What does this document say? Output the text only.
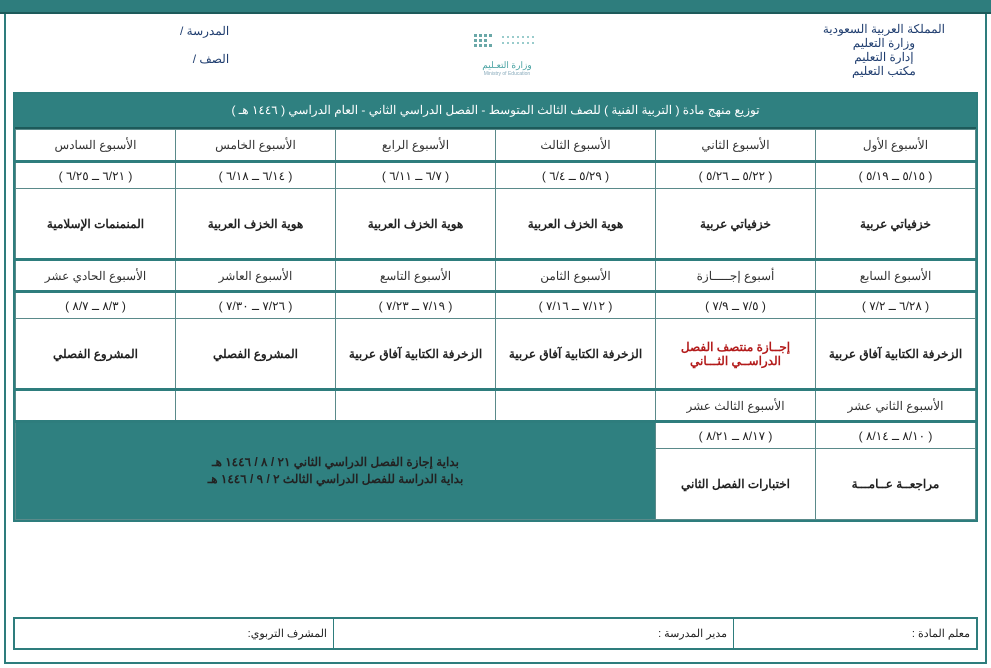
المملكة العربية السعودية
وزارة التعليم
إدارة التعليم
مكتب التعليم
وزارة التعـليم
Ministry of Education
المدرسة /
الصف /
توزيع منهج مادة ( التربية الفنية ) للصف الثالث المتوسط - الفصل الدراسي الثاني - العام الدراسي ( ١٤٤٦ هـ )
الأسبوع الأول	الأسبوع الثاني	الأسبوع الثالث	الأسبوع الرابع	الأسبوع الخامس	الأسبوع السادس
( ٥/١٥ ــ ٥/١٩ )	( ٥/٢٢ ــ ٥/٢٦ )	( ٥/٢٩ ــ ٦/٤ )	( ٦/٧ ــ ٦/١١ )	( ٦/١٤ ــ ٦/١٨ )	( ٦/٢١ ــ ٦/٢٥ )
خزفياتي عربية	خزفياتي عربية	هوية الخزف العربية	هوية الخزف العربية	هوية الخزف العربية	المنمنمات الإسلامية
الأسبوع السابع	أسبوع إجـــــازة	الأسبوع الثامن	الأسبوع التاسع	الأسبوع العاشر	الأسبوع الحادي عشر
( ٦/٢٨ ــ ٧/٢ )	( ٧/٥ ــ ٧/٩ )	( ٧/١٢ ــ ٧/١٦ )	( ٧/١٩ ــ ٧/٢٣ )	( ٧/٢٦ ــ ٧/٣٠ )	( ٨/٣ ــ ٨/٧ )
الزخرفة الكتابية آفاق عربية	إجــازة منتصف الفصل الدراســي الثـــاني	الزخرفة الكتابية آفاق عربية	الزخرفة الكتابية آفاق عربية	المشروع الفصلي	المشروع الفصلي
الأسبوع الثاني عشر	الأسبوع الثالث عشر				
( ٨/١٠ ــ ٨/١٤ )	( ٨/١٧ ــ ٨/٢١ )	بداية إجازة الفصل الدراسي الثاني ٢١ / ٨ / ١٤٤٦ هـ
بداية الدراسة للفصل الدراسي الثالث ٢ / ٩ / ١٤٤٦ هـ			

مراجعــة عــامـــة	اختبارات الفصل الثاني				
معلم المادة :
مدير المدرسة :
المشرف التربوي:
